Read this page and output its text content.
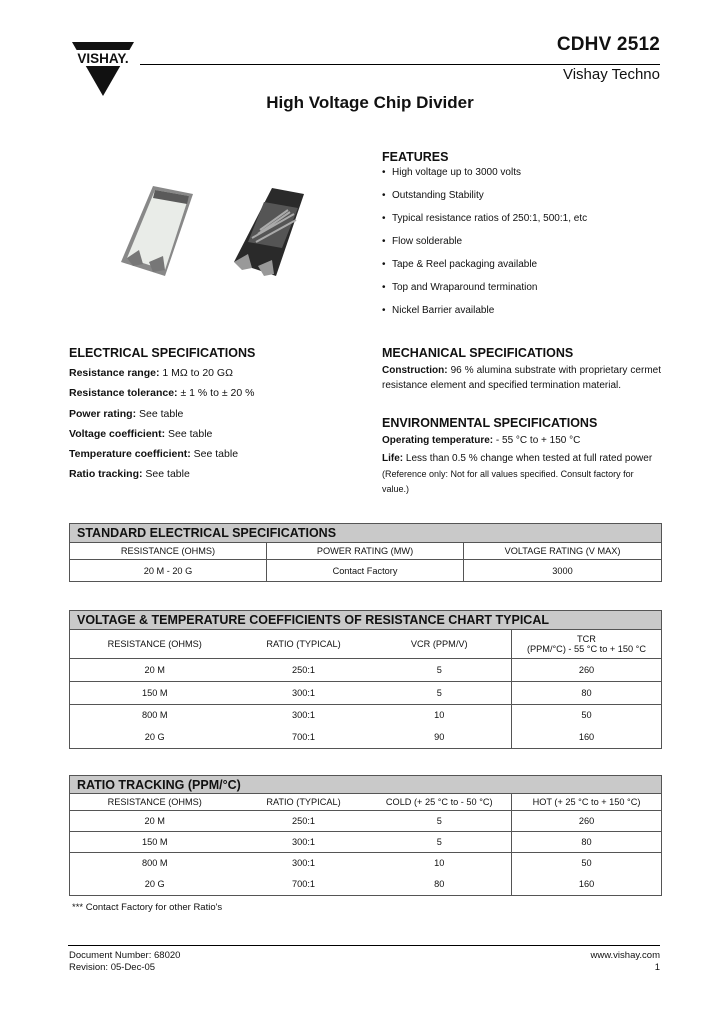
VISHAY.
CDHV 2512
Vishay Techno
High Voltage Chip Divider
FEATURES
• High voltage up to 3000 volts
• Outstanding Stability
• Typical resistance ratios of 250:1, 500:1, etc
• Flow solderable
• Tape & Reel packaging available
• Top and Wraparound termination
• Nickel Barrier available
ELECTRICAL SPECIFICATIONS

Resistance range: 1 MΩ to 20 GΩ

Resistance tolerance: ± 1 % to ± 20 %

Power rating: See table

Voltage coefficient: See table

Temperature coefficient: See table

Ratio tracking: See table

MECHANICAL SPECIFICATIONS

Construction: 96 % alumina substrate with proprietary cermet resistance element and specified termination material.

ENVIRONMENTAL SPECIFICATIONS

Operating temperature: - 55 °C to + 150 °C

Life: Less than 0.5 % change when tested at full rated power
(Reference only: Not for all values specified. Consult factory for value.)

STANDARD ELECTRICAL SPECIFICATIONS		
RESISTANCE (OHMS)	POWER RATING (MW)	VOLTAGE RATING (V MAX)
20 M - 20 G	Contact Factory	3000
VOLTAGE & TEMPERATURE COEFFICIENTS OF RESISTANCE CHART TYPICAL			
RESISTANCE (OHMS)	RATIO (TYPICAL)	VCR (PPM/V)	TCR
(PPM/°C) - 55 °C to + 150 °C
20 M	250:1	5	260
150 M	300:1	5	80
800 M	300:1	10	50
20 G	700:1	90	160
RATIO TRACKING (PPM/°C)			
RESISTANCE (OHMS)	RATIO (TYPICAL)	COLD (+ 25 °C to - 50 °C)	HOT (+ 25 °C to + 150 °C)
20 M	250:1	5	260
150 M	300:1	5	80
800 M	300:1	10	50
20 G	700:1	80	160
*** Contact Factory for other Ratio's
Document Number: 68020
Revision: 05-Dec-05
www.vishay.com
1
